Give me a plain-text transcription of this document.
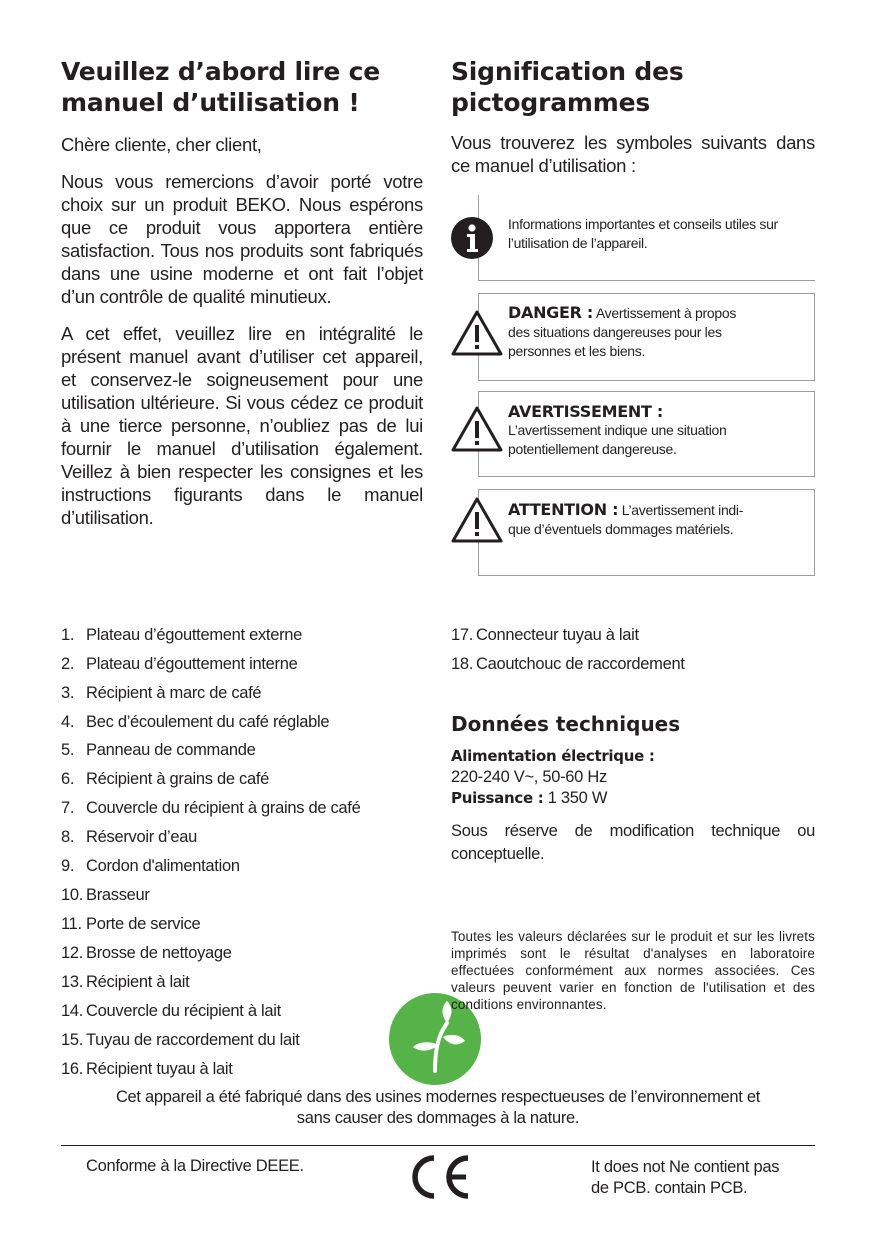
Veuillez d’abord lire ce manuel d’utilisation !
Chère cliente, cher client,
Nous vous remercions d’avoir porté votre choix sur un produit BEKO. Nous espérons que ce produit vous apportera entière satisfaction. Tous nos produits sont fabriqués dans une usine moderne et ont fait l’objet d’un contrôle de qualité minutieux.
A cet effet, veuillez lire en intégralité le présent manuel avant d’utiliser cet appareil, et conservez-le soigneusement pour une utilisation ultérieure. Si vous cédez ce produit à une tierce personne, n’oubliez pas de lui fournir le manuel d’utilisation également. Veillez à bien respecter les consignes et les instructions figurants dans le manuel d’utilisation.
Signification des pictogrammes
Vous trouverez les symboles suivants dans ce manuel d’utilisation :
Informations importantes et conseils utiles sur l’utilisation de l’appareil.
DANGER : Avertissement à propos
des situations dangereuses pour les personnes et les biens.
AVERTISSEMENT :
L’avertissement indique une situation potentiellement dangereuse.
ATTENTION : L’avertissement indi-
que d’éventuels dommages matériels.
1. Plateau d’égouttement externe
2. Plateau d’égouttement interne
3. Récipient à marc de café
4. Bec d’écoulement du café réglable
5. Panneau de commande
6. Récipient à grains de café
7. Couvercle du récipient à grains de café
8. Réservoir d’eau
9. Cordon d'alimentation
10. Brasseur
11. Porte de service
12. Brosse de nettoyage
13. Récipient à lait
14. Couvercle du récipient à lait
15. Tuyau de raccordement du lait
16. Récipient tuyau à lait
17. Connecteur tuyau à lait
18. Caoutchouc de raccordement
Données techniques
Alimentation électrique :
220-240 V~, 50-60 Hz
Puissance : 1 350 W
Sous réserve de modification technique ou conceptuelle.
Toutes les valeurs déclarées sur le produit et sur les livrets imprimés sont le résultat d'analyses en laboratoire effectuées conformément aux normes associées. Ces valeurs peuvent varier en fonction de l'utilisation et des conditions environnantes.
Cet appareil a été fabriqué dans des usines modernes respectueuses de l’environnement et
sans causer des dommages à la nature.
Conforme à la Directive DEEE.	It does not Ne contient pas
de PCB. contain PCB.
